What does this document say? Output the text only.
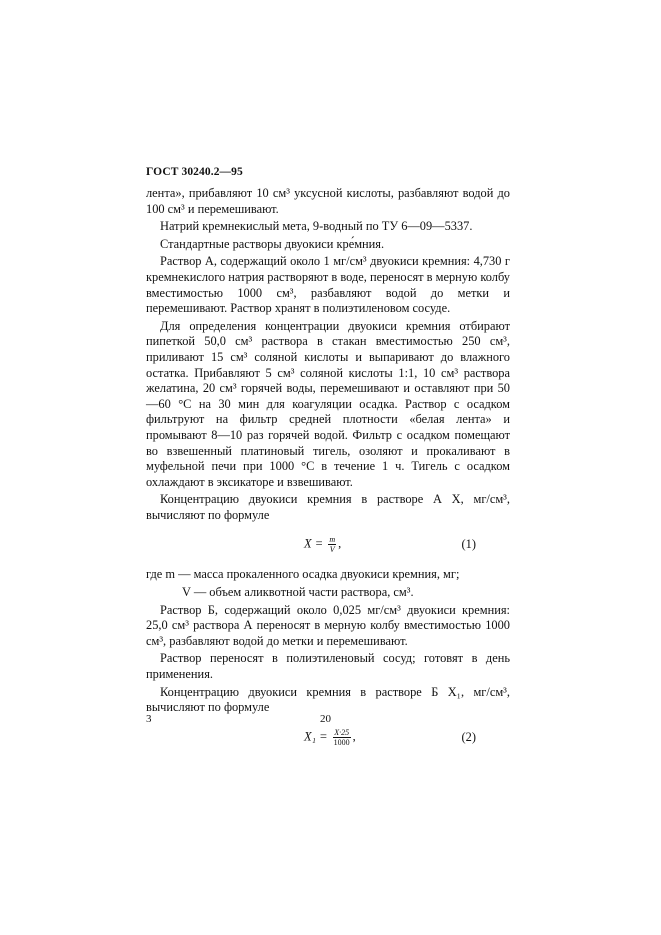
ГОСТ 30240.2—95

лента», прибавляют 10 см³ уксусной кислоты, разбавляют водой до 100 см³ и перемешивают.

Натрий кремнекислый мета, 9-водный по ТУ 6—09—5337.

Стандартные растворы двуокиси кре́мния.

Раствор А, содержащий около 1 мг/см³ двуокиси кремния: 4,730 г кремнекислого натрия растворяют в воде, переносят в мерную колбу вместимостью 1000 см³, разбавляют водой до метки и перемешивают. Раствор хранят в полиэтиленовом сосуде.

Для определения концентрации двуокиси кремния отбирают пипеткой 50,0 см³ раствора в стакан вместимостью 250 см³, приливают 15 см³ соляной кислоты и выпаривают до влажного остатка. Прибавляют 5 см³ соляной кислоты 1:1, 10 см³ раствора желатина, 20 см³ горячей воды, перемешивают и оставляют при 50—60 °С на 30 мин для коагуляции осадка. Раствор с осадком фильтруют на фильтр средней плотности «белая лента» и промывают 8—10 раз горячей водой. Фильтр с осадком помещают во взвешенный платиновый тигель, озоляют и прокаливают в муфельной печи при 1000 °С в течение 1 ч. Тигель с осадком охлаждают в эксикаторе и взвешивают.

Концентрацию двуокиси кремния в растворе А X, мг/см³, вычисляют по формуле

$X = \frac{m}{V}$ ,	(1)

где m — масса прокаленного осадка двуокиси кремния, мг;

V — объем аликвотной части раствора, см³.

Раствор Б, содержащий около 0,025 мг/см³ двуокиси кремния: 25,0 см³ раствора А переносят в мерную колбу вместимостью 1000 см³, разбавляют водой до метки и перемешивают.

Раствор переносят в полиэтиленовый сосуд; готовят в день применения.

Концентрацию двуокиси кремния в растворе Б X₁, мг/см³, вычисляют по формуле

$X_1 = \frac{X\cdot 25}{1000}$ ,	(2)
3	20
